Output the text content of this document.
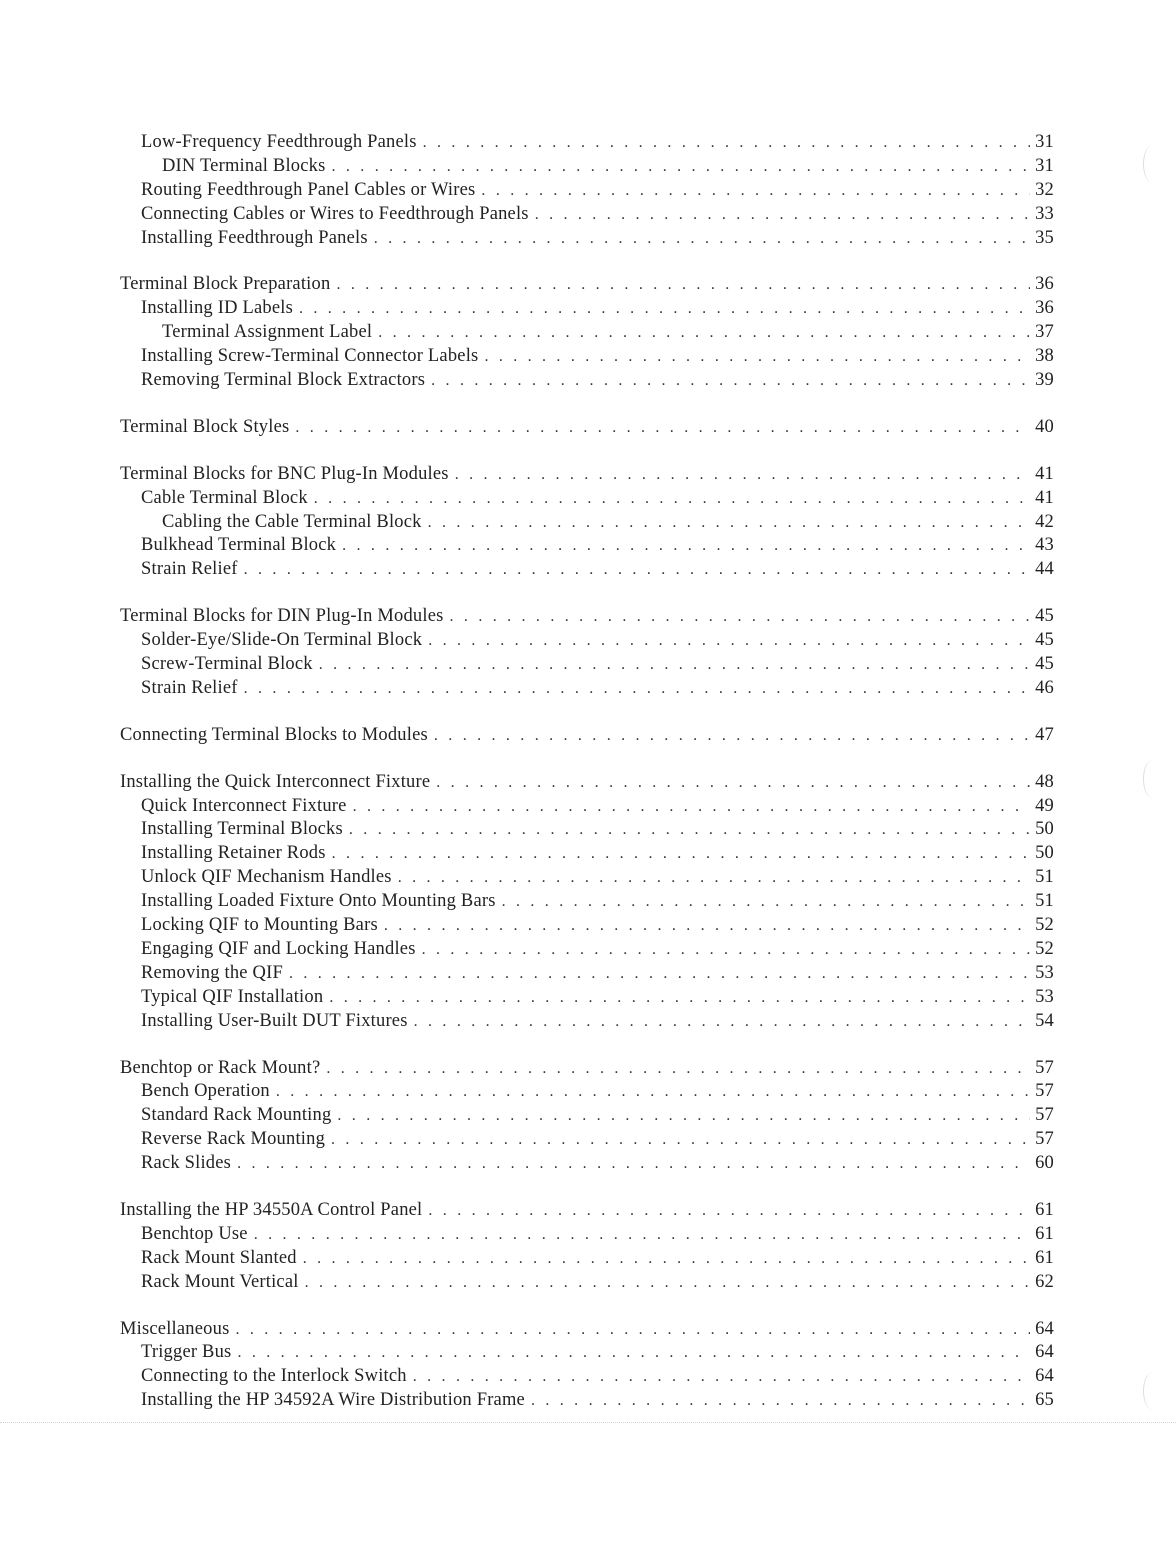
Low-Frequency Feedthrough Panels . . .	31
DIN Terminal Blocks . . .	31
Routing Feedthrough Panel Cables or Wires . . .	32
Connecting Cables or Wires to Feedthrough Panels . . .	33
Installing Feedthrough Panels . . .	35
Terminal Block Preparation . . .	36
Installing ID Labels . . .	36
Terminal Assignment Label . . .	37
Installing Screw-Terminal Connector Labels . . .	38
Removing Terminal Block Extractors . . .	39
Terminal Block Styles . . .	40
Terminal Blocks for BNC Plug-In Modules . . .	41
Cable Terminal Block . . .	41
Cabling the Cable Terminal Block . . .	42
Bulkhead Terminal Block . . .	43
Strain Relief . . .	44
Terminal Blocks for DIN Plug-In Modules . . .	45
Solder-Eye/Slide-On Terminal Block . . .	45
Screw-Terminal Block . . .	45
Strain Relief . . .	46
Connecting Terminal Blocks to Modules . . .	47
Installing the Quick Interconnect Fixture . . .	48
Quick Interconnect Fixture . . .	49
Installing Terminal Blocks . . .	50
Installing Retainer Rods . . .	50
Unlock QIF Mechanism Handles . . .	51
Installing Loaded Fixture Onto Mounting Bars . . .	51
Locking QIF to Mounting Bars . . .	52
Engaging QIF and Locking Handles . . .	52
Removing the QIF . . .	53
Typical QIF Installation . . .	53
Installing User-Built DUT Fixtures . . .	54
Benchtop or Rack Mount? . . .	57
Bench Operation . . .	57
Standard Rack Mounting . . .	57
Reverse Rack Mounting . . .	57
Rack Slides . . .	60
Installing the HP 34550A Control Panel . . .	61
Benchtop Use . . .	61
Rack Mount Slanted . . .	61
Rack Mount Vertical . . .	62
Miscellaneous . . .	64
Trigger Bus . . .	64
Connecting to the Interlock Switch . . .	64
Installing the HP 34592A Wire Distribution Frame . . .	65
